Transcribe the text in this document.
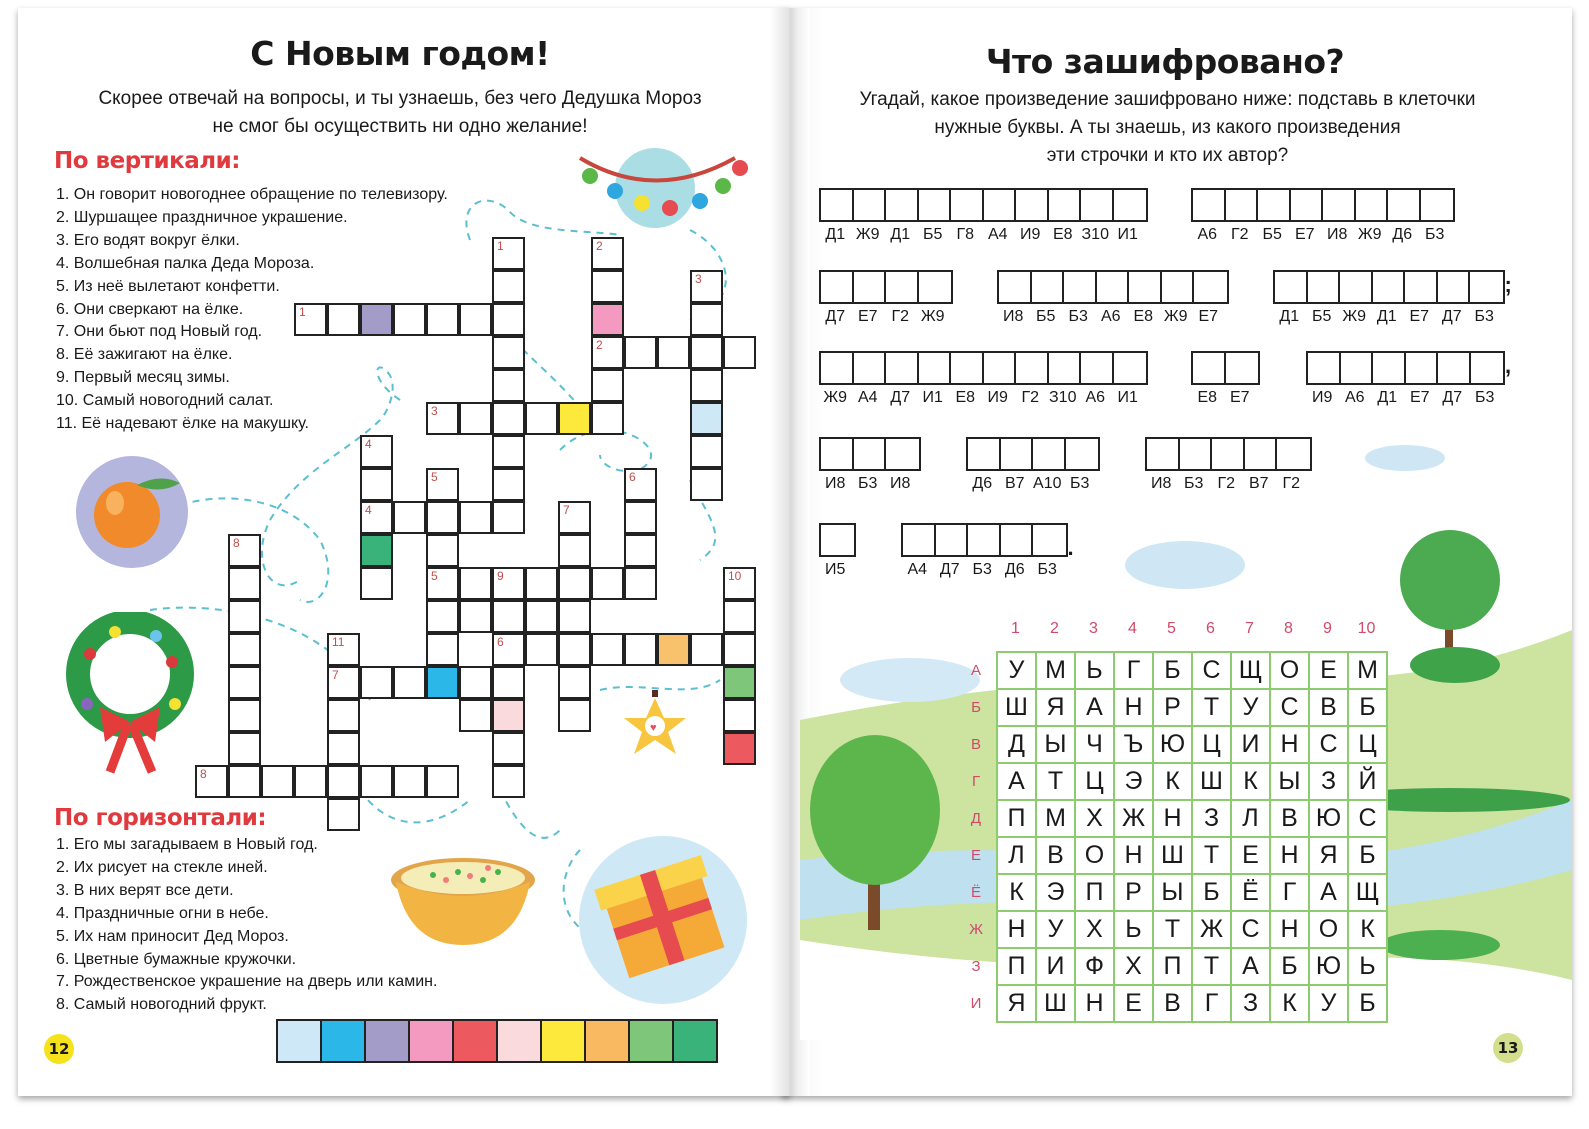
С Новым годом!
Скорее отвечай на вопросы, и ты узнаешь, без чего Дедушка Мороз
не смог бы осуществить ни одно желание!
По вертикали:
1. Он говорит новогоднее обращение по телевизору.
2. Шуршащее праздничное украшение.
3. Его водят вокруг ёлки.
4. Волшебная палка Деда Мороза.
5. Из неё вылетают конфетти.
6. Они сверкают на ёлке.
7. Они бьют под Новый год.
8. Её зажигают на ёлке.
9. Первый месяц зимы.
10. Самый новогодний салат.
11. Её надевают ёлке на макушку.
По горизонтали:
1. Его мы загадываем в Новый год.
2. Их рисует на стекле иней.
3. В них верят все дети.
4. Праздничные огни в небе.
5. Их нам приносит Дед Мороз.
6. Цветные бумажные кружочки.
7. Рождественское украшение на дверь или камин.
8. Самый новогодний фрукт.
1	2
3
1
2
3
4
5	6
4	7
8
5	9	10
11	6
7
8
♥
12
Что зашифровано?
Угадай, какое произведение зашифровано ниже: подставь в клеточки
нужные буквы. А ты знаешь, из какого произведения
эти строчки и кто их автор?
Д1 Ж9 Д1 Б5 Г8 А4 И9 Е8 З10 И1	А6 Г2 Б5 Е7 И8 Ж9 Д6 Б3
Д7 Е7 Г2 Ж9	И8 Б5 Б3 А6 Е8 Ж9 Е7	Д1 Б5 Ж9 Д1 Е7 Д7 Б3
;
Ж9 А4 Д7 И1 Е8 И9 Г2 З10 А6 И1	Е8 Е7	И9 А6 Д1 Е7 Д7 Б3
,
И8 Б3 И8	Д6 В7 А10 Б3	И8 Б3 Г2 В7 Г2
И5	А4 Д7 Б3 Д6 Б3
.
1	2	3	4	5	6	7	8	9	10
А
Б
В
Г
Д
Е
Ё
Ж
З
И
У	М	Ь	Г	Б	С	Щ	О	Е	М
Ш	Я	А	Н	Р	Т	У	С	В	Б
Д	Ы	Ч	Ъ	Ю	Ц	И	Н	С	Ц
А	Т	Ц	Э	К	Ш	К	Ы	З	Й
П	М	Х	Ж	Н	З	Л	В	Ю	С
Л	В	О	Н	Ш	Т	Е	Н	Я	Б
К	Э	П	Р	Ы	Б	Ё	Г	А	Щ
Н	У	Х	Ь	Т	Ж	С	Н	О	К
П	И	Ф	Х	П	Т	А	Б	Ю	Ь
Я	Ш	Н	Е	В	Г	З	К	У	Б
13
